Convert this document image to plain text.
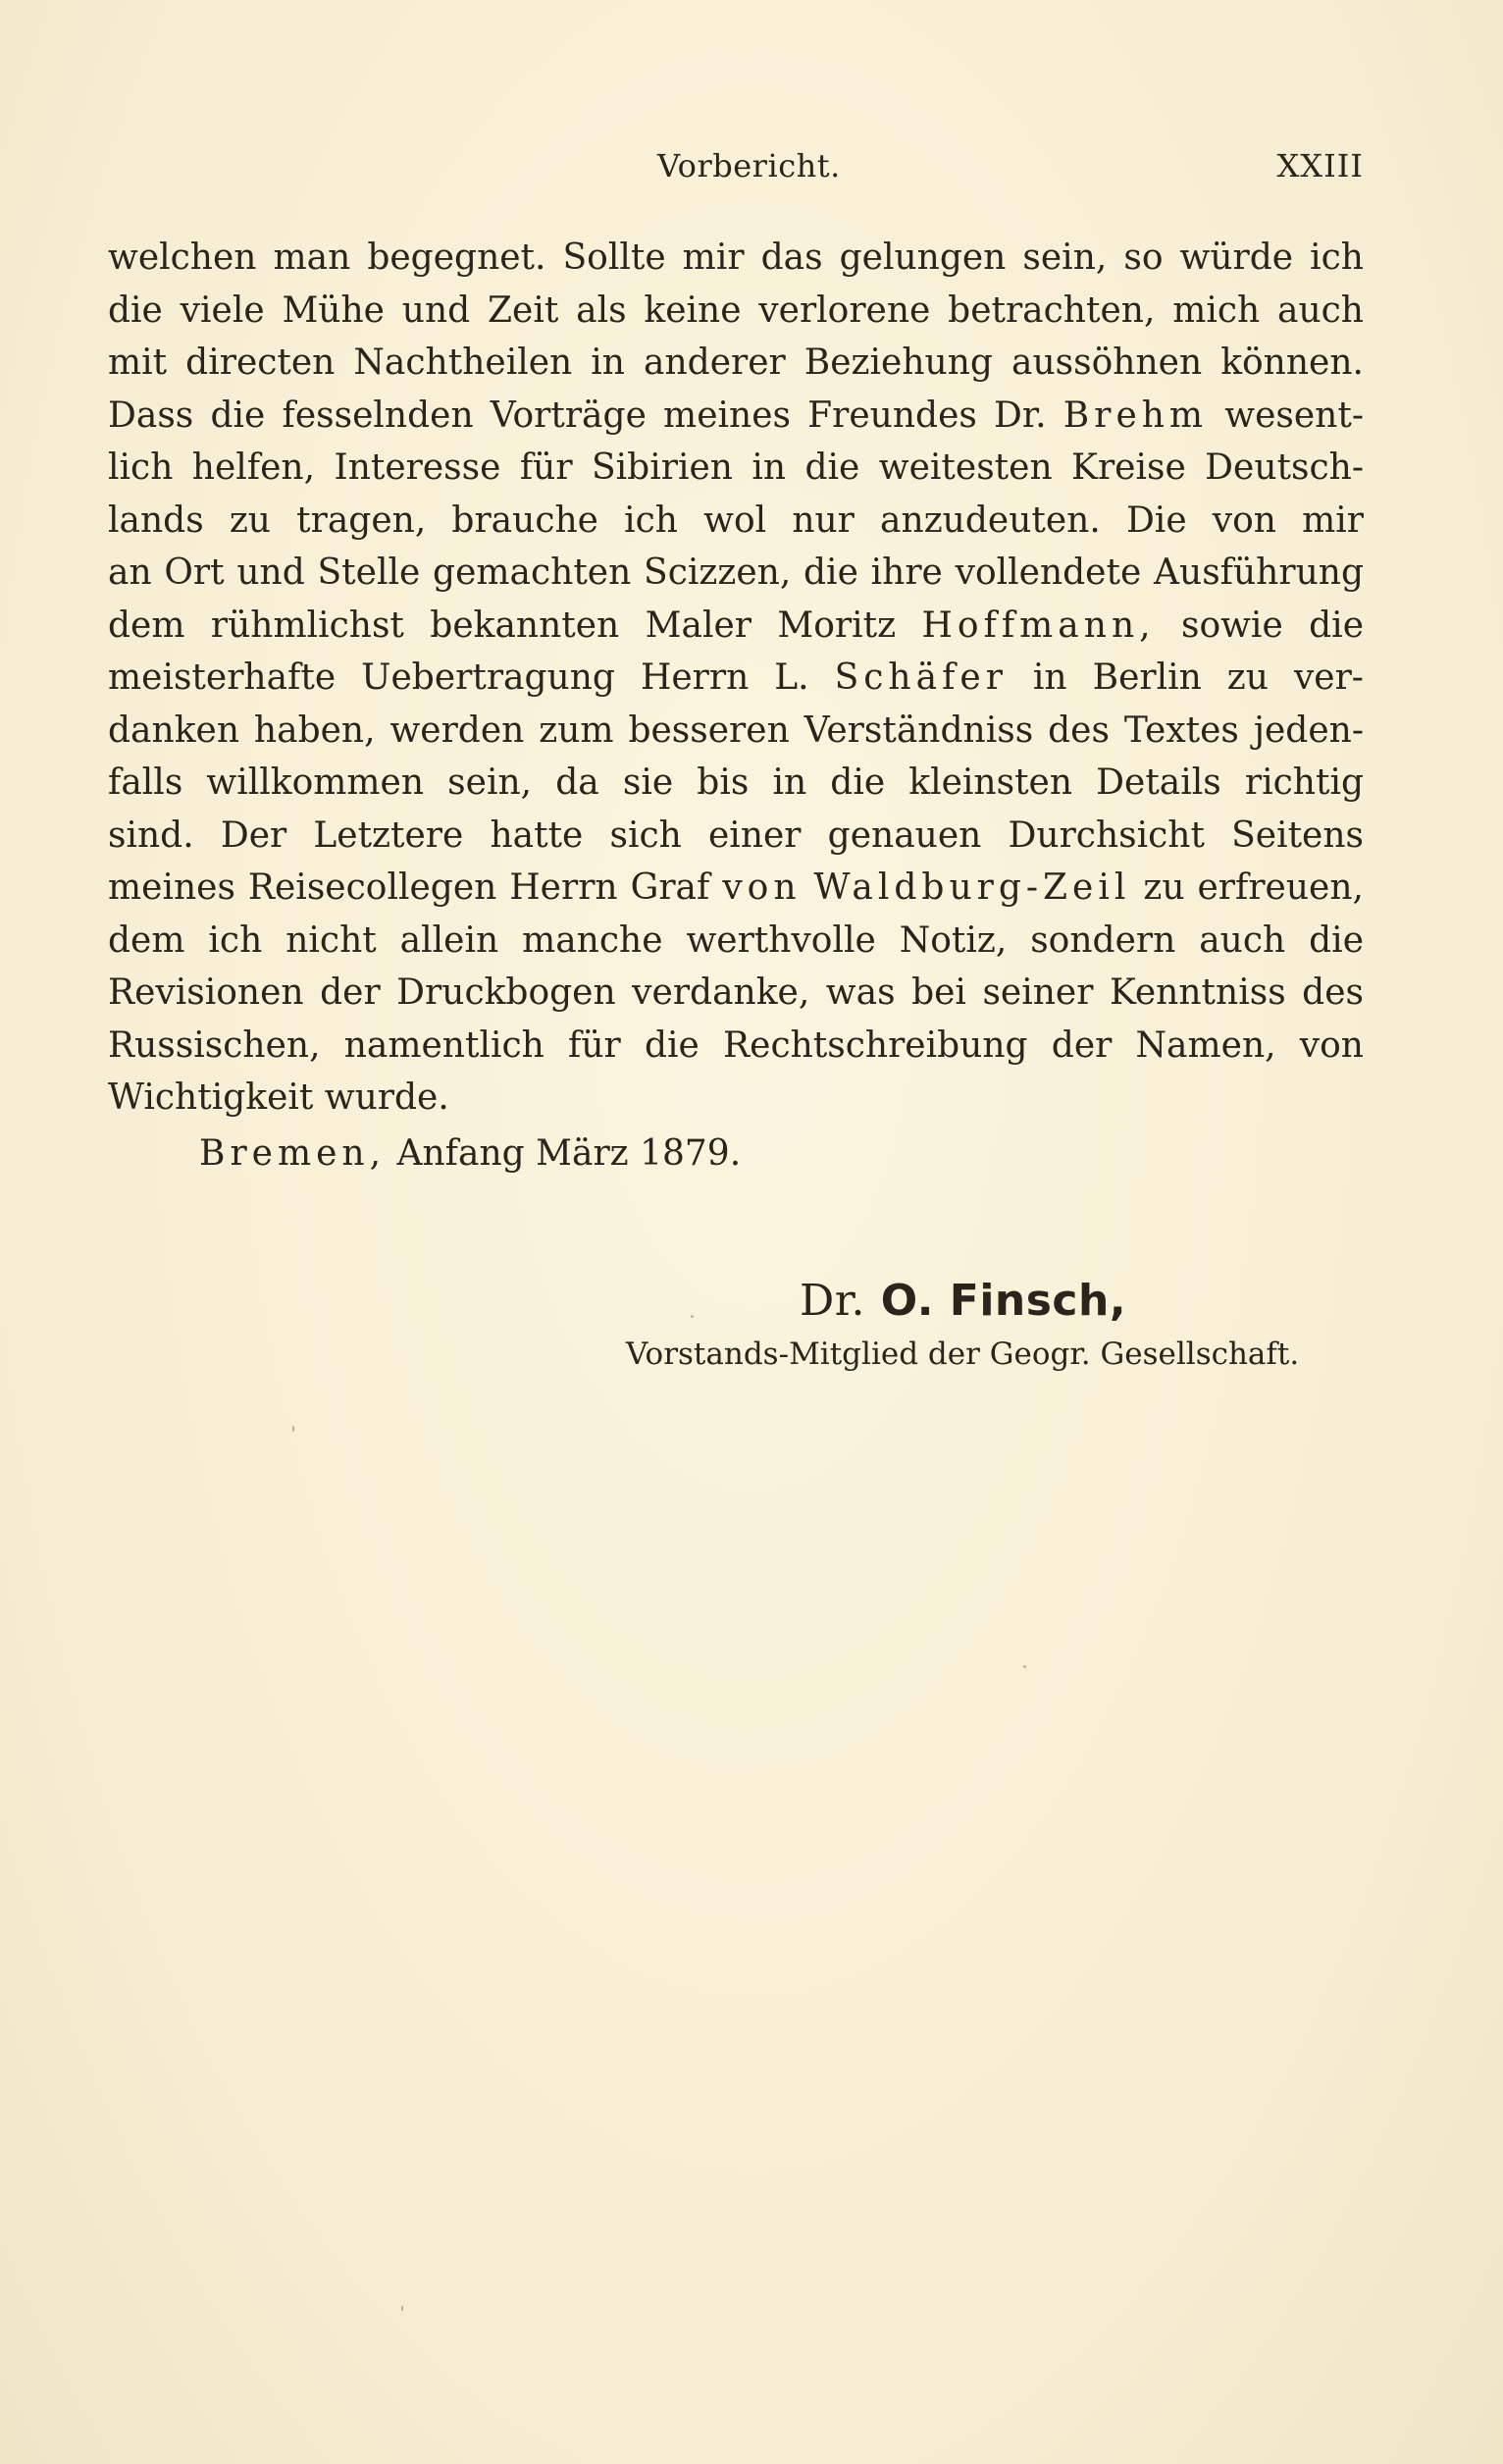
Vorbericht.	XXIII
welchen man begegnet. Sollte mir das gelungen sein, so würde ich
die viele Mühe und Zeit als keine verlorene betrachten, mich auch
mit directen Nachtheilen in anderer Beziehung aussöhnen können.
Dass die fesselnden Vorträge meines Freundes Dr. Brehm wesent-
lich helfen, Interesse für Sibirien in die weitesten Kreise Deutsch-
lands zu tragen, brauche ich wol nur anzudeuten. Die von mir
an Ort und Stelle gemachten Scizzen, die ihre vollendete Ausführung
dem rühmlichst bekannten Maler Moritz Hoffmann, sowie die
meisterhafte Uebertragung Herrn L. Schäfer in Berlin zu ver-
danken haben, werden zum besseren Verständniss des Textes jeden-
falls willkommen sein, da sie bis in die kleinsten Details richtig
sind. Der Letztere hatte sich einer genauen Durchsicht Seitens
meines Reisecollegen Herrn Graf von Waldburg-Zeil zu erfreuen,
dem ich nicht allein manche werthvolle Notiz, sondern auch die
Revisionen der Druckbogen verdanke, was bei seiner Kenntniss des
Russischen, namentlich für die Rechtschreibung der Namen, von
Wichtigkeit wurde.
Bremen, Anfang März 1879.
Dr. O. Finsch,
Vorstands-Mitglied der Geogr. Gesellschaft.
